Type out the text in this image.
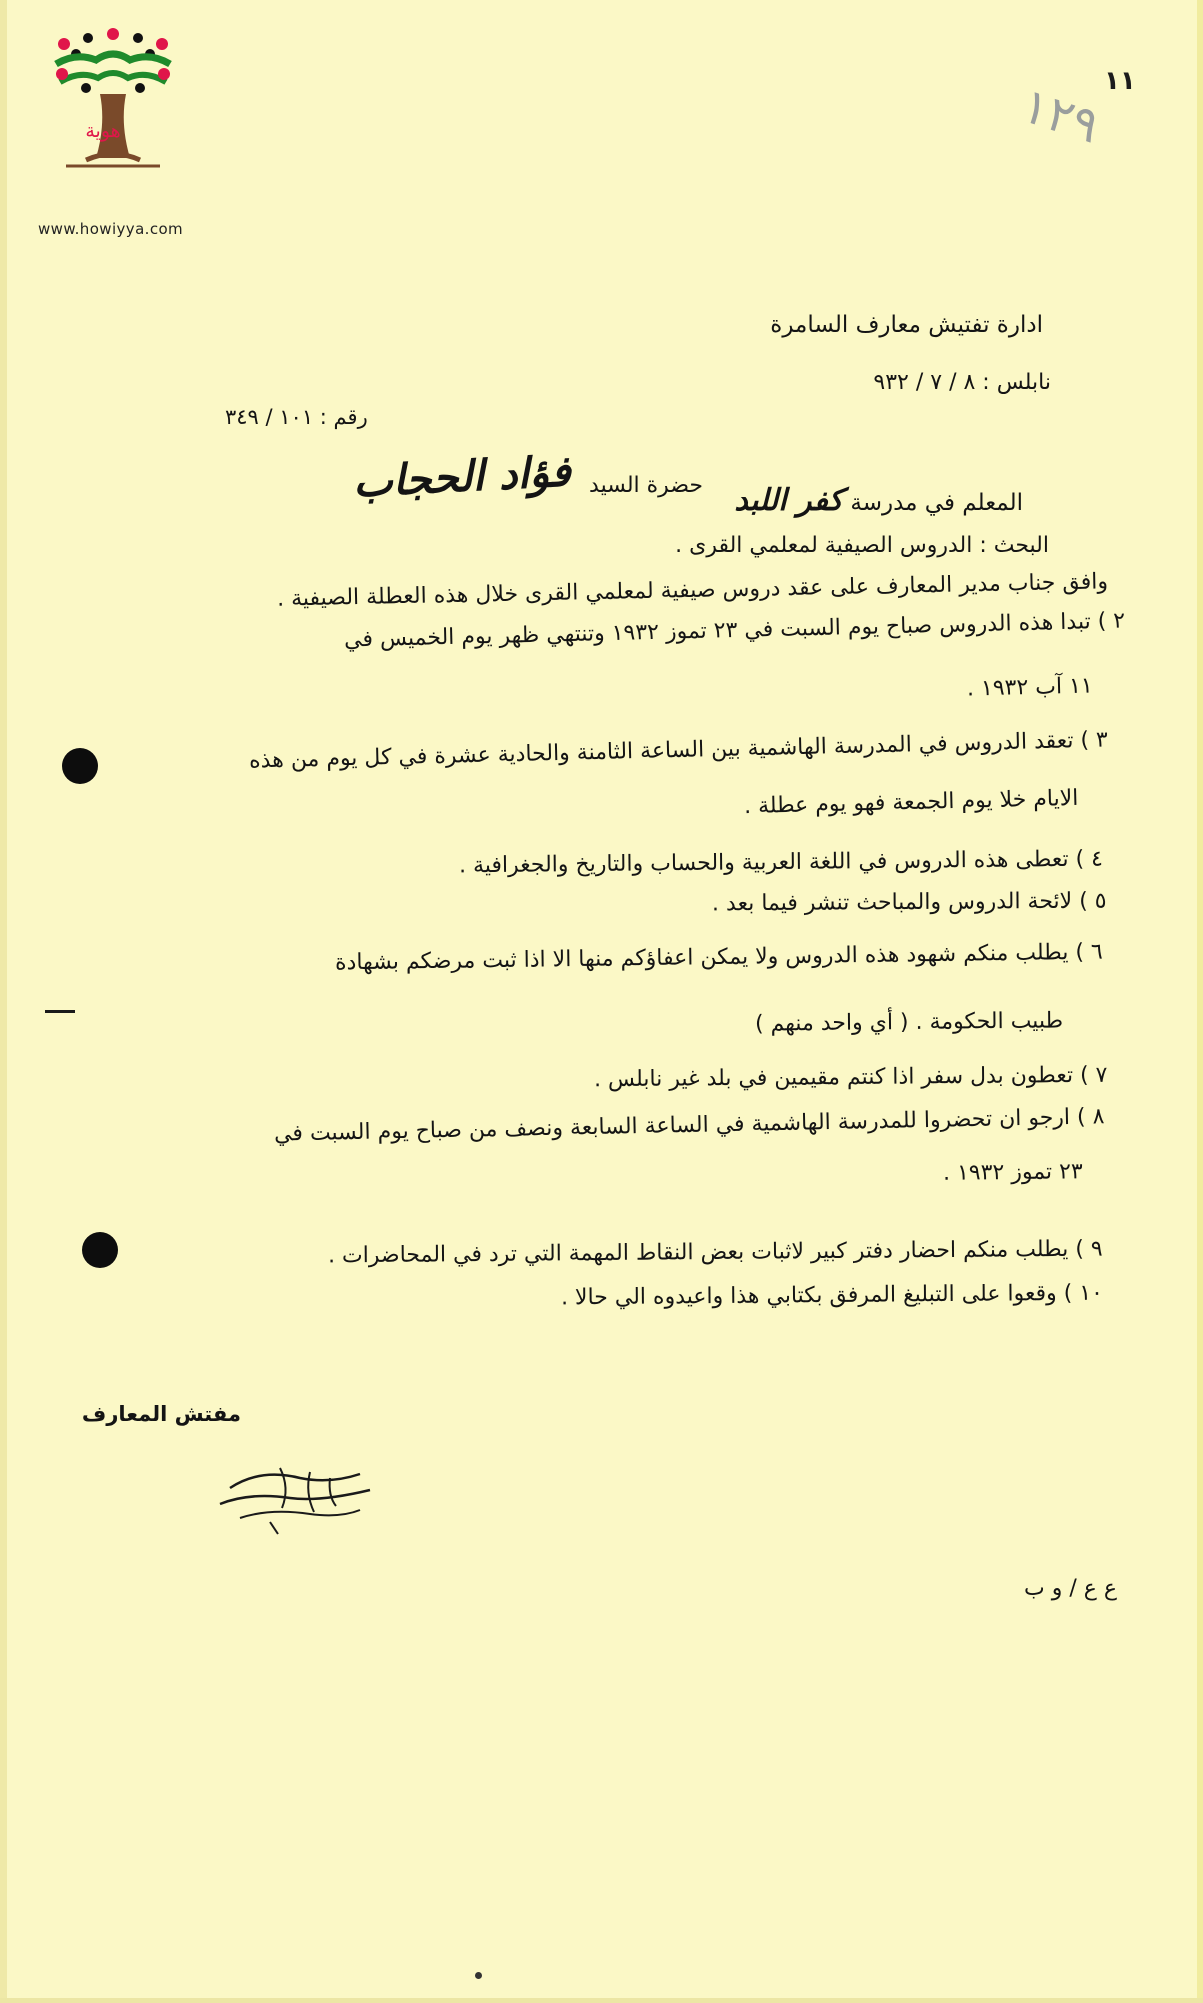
هوية
www.howiyya.com
١٢٩
١١
ادارة تفتيش معارف السامرة
نابلس : ٨ / ٧ / ٩٣٢
رقم : ١٠١ / ٣٤٩
حضرة السيد
فؤاد الحجاب	المعلم في مدرسة كفر اللبد
البحث : الدروس الصيفية لمعلمي القرى .
وافق جناب مدير المعارف على عقد دروس صيفية لمعلمي القرى خلال هذه العطلة الصيفية .
٢ ) تبدا هذه الدروس صباح يوم السبت في ٢٣ تموز ١٩٣٢ وتنتهي ظهر يوم الخميس في
١١ آب ١٩٣٢ .
٣ ) تعقد الدروس في المدرسة الهاشمية بين الساعة الثامنة والحادية عشرة في كل يوم من هذه
الايام خلا يوم الجمعة فهو يوم عطلة .
٤ ) تعطى هذه الدروس في اللغة العربية والحساب والتاريخ والجغرافية .
٥ ) لائحة الدروس والمباحث تنشر فيما بعد .
٦ ) يطلب منكم شهود هذه الدروس ولا يمكن اعفاؤكم منها الا اذا ثبت مرضكم بشهادة
طبيب الحكومة . ( أي واحد منهم )
٧ ) تعطون بدل سفر اذا كنتم مقيمين في بلد غير نابلس .
٨ ) ارجو ان تحضروا للمدرسة الهاشمية في الساعة السابعة ونصف من صباح يوم السبت في
٢٣ تموز ١٩٣٢ .
٩ ) يطلب منكم احضار دفتر كبير لاثبات بعض النقاط المهمة التي ترد في المحاضرات .
١٠ ) وقعوا على التبليغ المرفق بكتابي هذا واعيدوه الي حالا .
مفتش المعارف
ع ع / و ب
